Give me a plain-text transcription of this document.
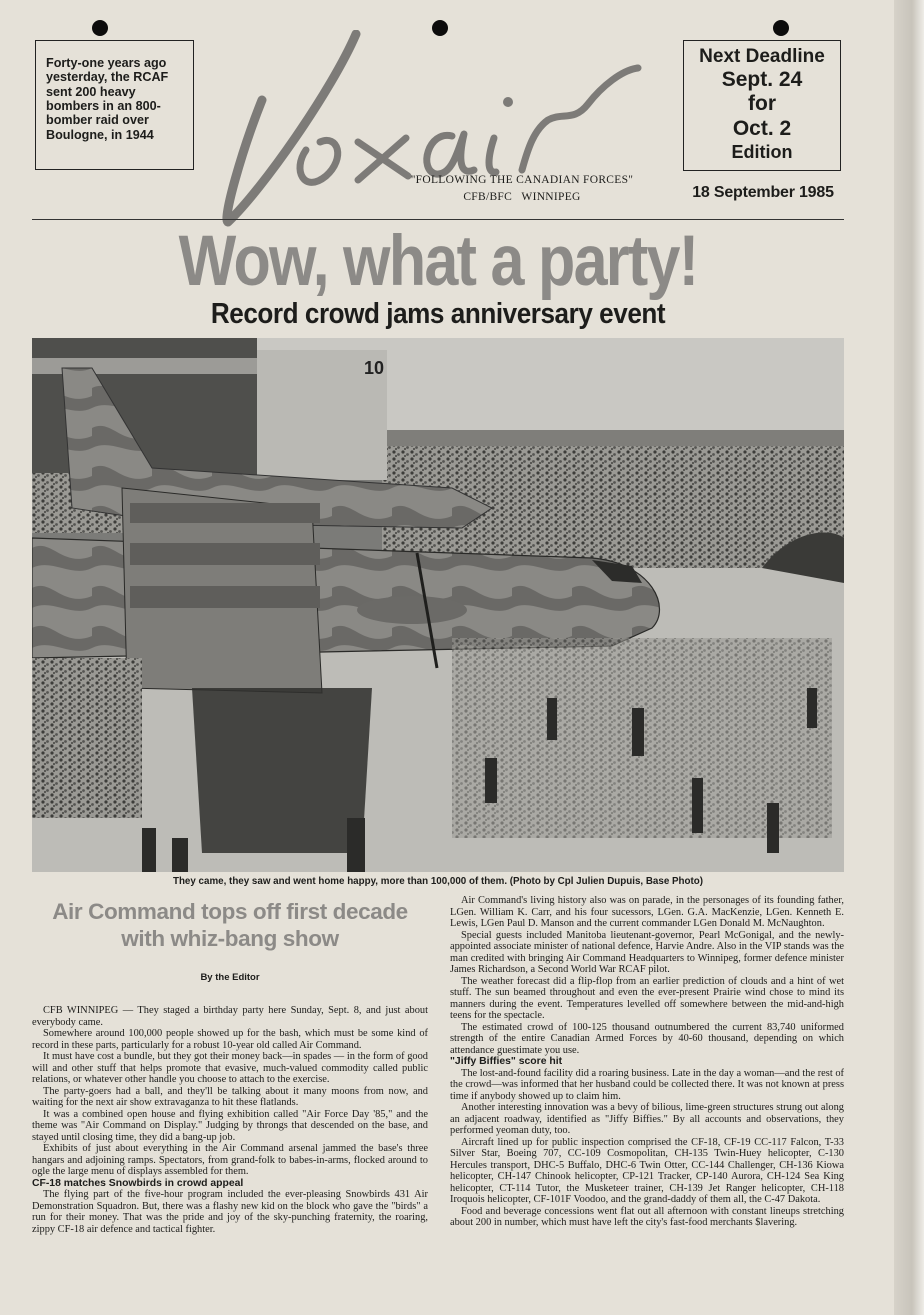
Forty-one years ago yesterday, the RCAF sent 200 heavy bombers in an 800-bomber raid over Boulogne, in 1944
"FOLLOWING THE CANADIAN FORCES"
CFB/BFC   WINNIPEG
Next Deadline
Sept. 24
for
Oct. 2
Edition
18 September 1985
Wow, what a party!
Record crowd jams anniversary event
10
They came, they saw and went home happy, more than 100,000 of them. (Photo by Cpl Julien Dupuis, Base Photo)
Air Command tops off first decade with whiz-bang show
By the Editor

CFB WINNIPEG — They staged a birthday party here Sunday, Sept. 8, and just about everybody came.

Somewhere around 100,000 people showed up for the bash, which must be some kind of record in these parts, particularly for a robust 10-year old called Air Command.

It must have cost a bundle, but they got their money back—in spades — in the form of good will and other stuff that helps promote that evasive, much-valued commodity called public relations, or whatever other handle you choose to attach to the exercise.

The party-goers had a ball, and they'll be talking about it many moons from now, and waiting for the next air show extravaganza to hit these flatlands.

It was a combined open house and flying exhibition called "Air Force Day '85," and the theme was "Air Command on Display." Judging by throngs that descended on the base, and stayed until closing time, they did a bang-up job.

Exhibits of just about everything in the Air Command arsenal jammed the base's three hangars and adjoining ramps. Spectators, from grand-folk to babes-in-arms, flocked around to ogle the large menu of displays assembled for them.

CF-18 matches Snowbirds in crowd appeal

The flying part of the five-hour program included the ever-pleasing Snowbirds 431 Air Demonstration Squadron. But, there was a flashy new kid on the block who gave the "birds" a run for their money. That was the pride and joy of the sky-punching fraternity, the roaring, zippy CF-18 air defence and tactical fighter.

Air Command's living history also was on parade, in the personages of its founding father, LGen. William K. Carr, and his four sucessors, LGen. G.A. MacKenzie, LGen. Kenneth E. Lewis, LGen Paul D. Manson and the current commander LGen Donald M. McNaughton.

Special guests included Manitoba lieutenant-governor, Pearl McGonigal, and the newly-appointed associate minister of national defence, Harvie Andre. Also in the VIP stands was the man credited with bringing Air Command Headquarters to Winnipeg, former defence minister James Richardson, a Second World War RCAF pilot.

The weather forecast did a flip-flop from an earlier prediction of clouds and a hint of wet stuff. The sun beamed throughout and even the ever-present Prairie wind chose to mind its manners during the event. Temperatures levelled off somewhere between the mid-and-high teens for the spectacle.

The estimated crowd of 100-125 thousand outnumbered the current 83,740 uniformed strength of the entire Canadian Armed Forces by 40-60 thousand, depending on which attendance guestimate you use.

"Jiffy Biffies" score hit

The lost-and-found facility did a roaring business. Late in the day a woman—and the rest of the crowd—was informed that her husband could be collected there. It was not known at press time if anybody showed up to claim him.

Another interesting innovation was a bevy of bilious, lime-green structures strung out along an adjacent roadway, identified as "Jiffy Biffies." By all accounts and observations, they performed yeoman duty, too.

Aircraft lined up for public inspection comprised the CF-18, CF-19 CC-117 Falcon, T-33 Silver Star, Boeing 707, CC-109 Cosmopolitan, CH-135 Twin-Huey helicopter, C-130 Hercules transport, DHC-5 Buffalo, DHC-6 Twin Otter, CC-144 Challenger, CH-136 Kiowa helicopter, CH-147 Chinook helicopter, CP-121 Tracker, CP-140 Aurora, CH-124 Sea King helicopter, CT-114 Tutor, the Musketeer trainer, CH-139 Jet Ranger helicopter, CH-118 Iroquois helicopter, CF-101F Voodoo, and the grand-daddy of them all, the C-47 Dakota.

Food and beverage concessions went flat out all afternoon with constant lineups stretching about 200 in number, which must have left the city's fast-food merchants $lavering.
